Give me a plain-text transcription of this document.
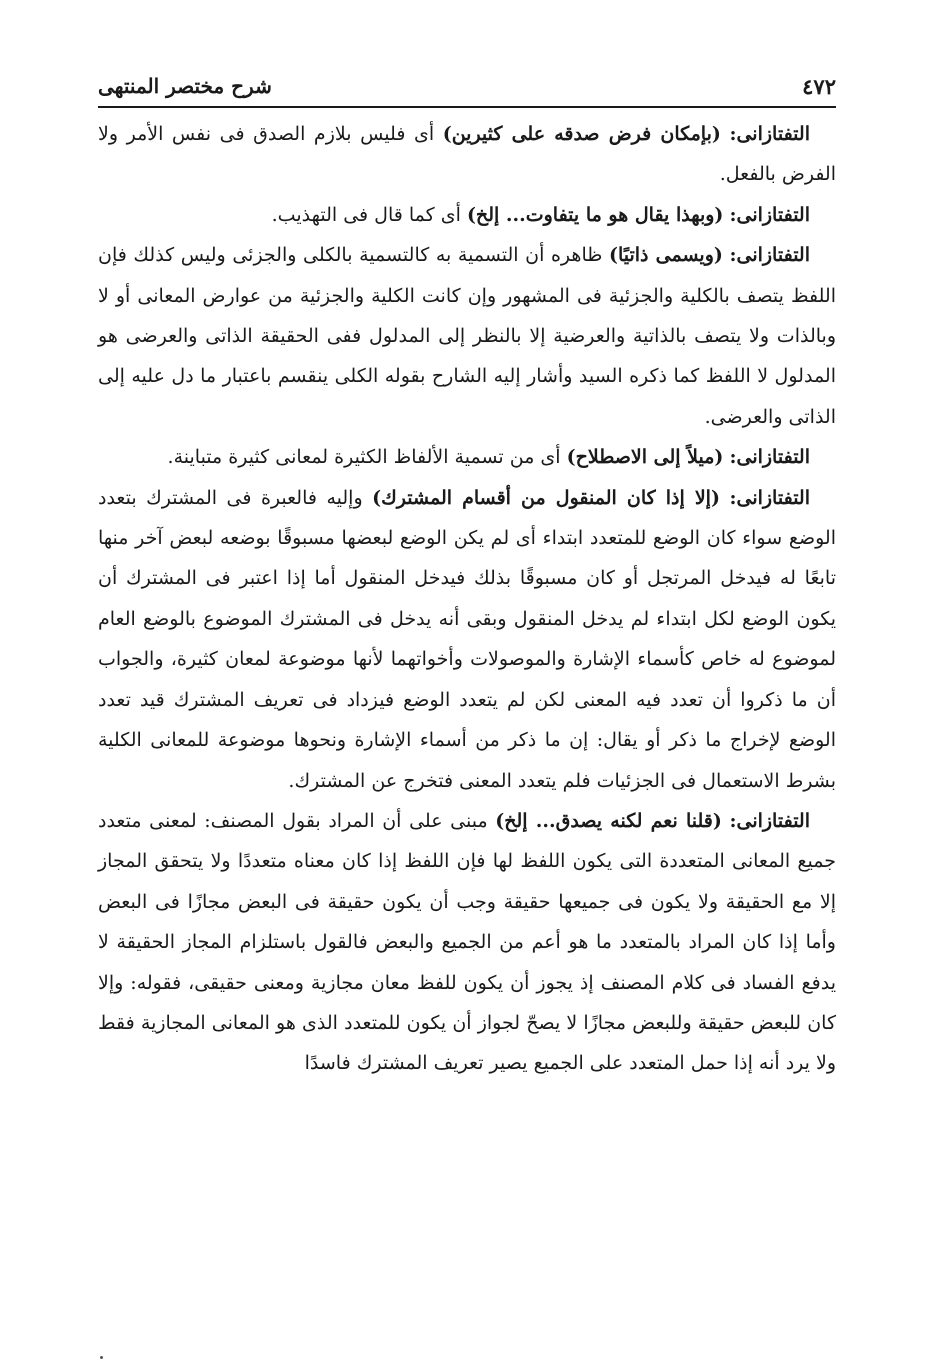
٤٧٢
شرح مختصر المنتهى

التفتازانى: (بإمكان فرض صدقه على كثيرين) أى فليس بلازم الصدق فى نفس الأمر ولا الفرض بالفعل.

التفتازانى: (وبهذا يقال هو ما يتفاوت... إلخ) أى كما قال فى التهذيب.

التفتازانى: (ويسمى ذاتيًا) ظاهره أن التسمية به كالتسمية بالكلى والجزئى وليس كذلك فإن اللفظ يتصف بالكلية والجزئية فى المشهور وإن كانت الكلية والجزئية من عوارض المعانى أو لا وبالذات ولا يتصف بالذاتية والعرضية إلا بالنظر إلى المدلول ففى الحقيقة الذاتى والعرضى هو المدلول لا اللفظ كما ذكره السيد وأشار إليه الشارح بقوله الكلى ينقسم باعتبار ما دل عليه إلى الذاتى والعرضى.

التفتازانى: (ميلاً إلى الاصطلاح) أى من تسمية الألفاظ الكثيرة لمعانى كثيرة متباينة.

التفتازانى: (إلا إذا كان المنقول من أقسام المشترك) وإليه فالعبرة فى المشترك بتعدد الوضع سواء كان الوضع للمتعدد ابتداء أى لم يكن الوضع لبعضها مسبوقًا بوضعه لبعض آخر منها تابعًا له فيدخل المرتجل أو كان مسبوقًا بذلك فيدخل المنقول أما إذا اعتبر فى المشترك أن يكون الوضع لكل ابتداء لم يدخل المنقول وبقى أنه يدخل فى المشترك الموضوع بالوضع العام لموضوع له خاص كأسماء الإشارة والموصولات وأخواتهما لأنها موضوعة لمعان كثيرة، والجواب أن ما ذكروا أن تعدد فيه المعنى لكن لم يتعدد الوضع فيزداد فى تعريف المشترك قيد تعدد الوضع لإخراج ما ذكر أو يقال: إن ما ذكر من أسماء الإشارة ونحوها موضوعة للمعانى الكلية بشرط الاستعمال فى الجزئيات فلم يتعدد المعنى فتخرج عن المشترك.

التفتازانى: (قلنا نعم لكنه يصدق... إلخ) مبنى على أن المراد بقول المصنف: لمعنى متعدد جميع المعانى المتعددة التى يكون اللفظ لها فإن اللفظ إذا كان معناه متعددًا ولا يتحقق المجاز إلا مع الحقيقة ولا يكون فى جميعها حقيقة وجب أن يكون حقيقة فى البعض مجازًا فى البعض وأما إذا كان المراد بالمتعدد ما هو أعم من الجميع والبعض فالقول باستلزام المجاز الحقيقة لا يدفع الفساد فى كلام المصنف إذ يجوز أن يكون للفظ معان مجازية ومعنى حقيقى، فقوله: وإلا كان للبعض حقيقة وللبعض مجازًا لا يصحّ لجواز أن يكون للمتعدد الذى هو المعانى المجازية فقط ولا يرد أنه إذا حمل المتعدد على الجميع يصير تعريف المشترك فاسدًا
